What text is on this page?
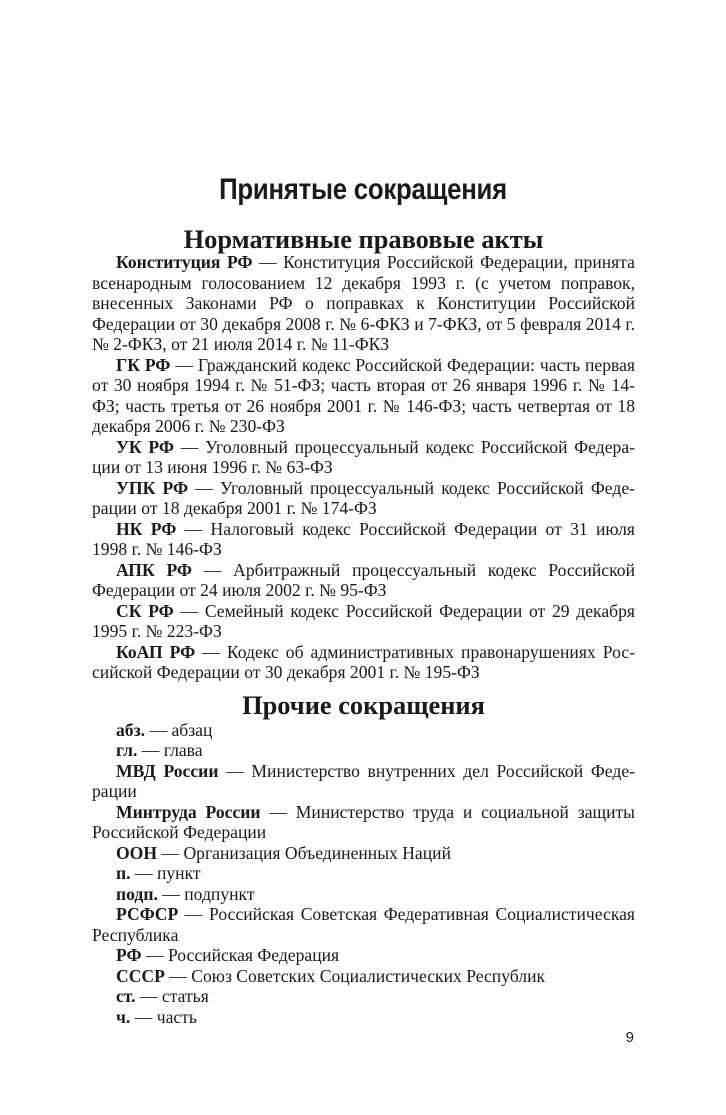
Принятые сокращения
Нормативные правовые акты

Конституция РФ — Конституция Российской Федерации, принята всенародным голосованием 12 декабря 1993 г. (с учетом поправок, внесенных Законами РФ о поправках к Конституции Российской Федерации от 30 декабря 2008 г. № 6-ФКЗ и 7-ФКЗ, от 5 февраля 2014 г. № 2-ФКЗ, от 21 июля 2014 г. № 11-ФКЗ

ГК РФ — Гражданский кодекс Российской Федерации: часть первая от 30 ноября 1994 г. № 51-ФЗ; часть вторая от 26 января 1996 г. № 14-ФЗ; часть третья от 26 ноября 2001 г. № 146-ФЗ; часть четвертая от 18 декабря 2006 г. № 230-ФЗ

УК РФ — Уголовный процессуальный кодекс Российской Федерации от 13 июня 1996 г. № 63-ФЗ

УПК РФ — Уголовный процессуальный кодекс Российской Федерации от 18 декабря 2001 г. № 174-ФЗ

НК РФ — Налоговый кодекс Российской Федерации от 31 июля 1998 г. № 146-ФЗ

АПК РФ — Арбитражный процессуальный кодекс Российской Федерации от 24 июля 2002 г. № 95-ФЗ

СК РФ — Семейный кодекс Российской Федерации от 29 декабря 1995 г. № 223-ФЗ

КоАП РФ — Кодекс об административных правонарушениях Российской Федерации от 30 декабря 2001 г. № 195-ФЗ

Прочие сокращения

абз. — абзац

гл. — глава

МВД России — Министерство внутренних дел Российской Федерации

Минтруда России — Министерство труда и социальной защиты Российской Федерации

ООН — Организация Объединенных Наций

п. — пункт

подп. — подпункт

РСФСР — Российская Советская Федеративная Социалистическая Республика

РФ — Российская Федерация

СССР — Союз Советских Социалистических Республик

ст. — статья

ч. — часть

9
